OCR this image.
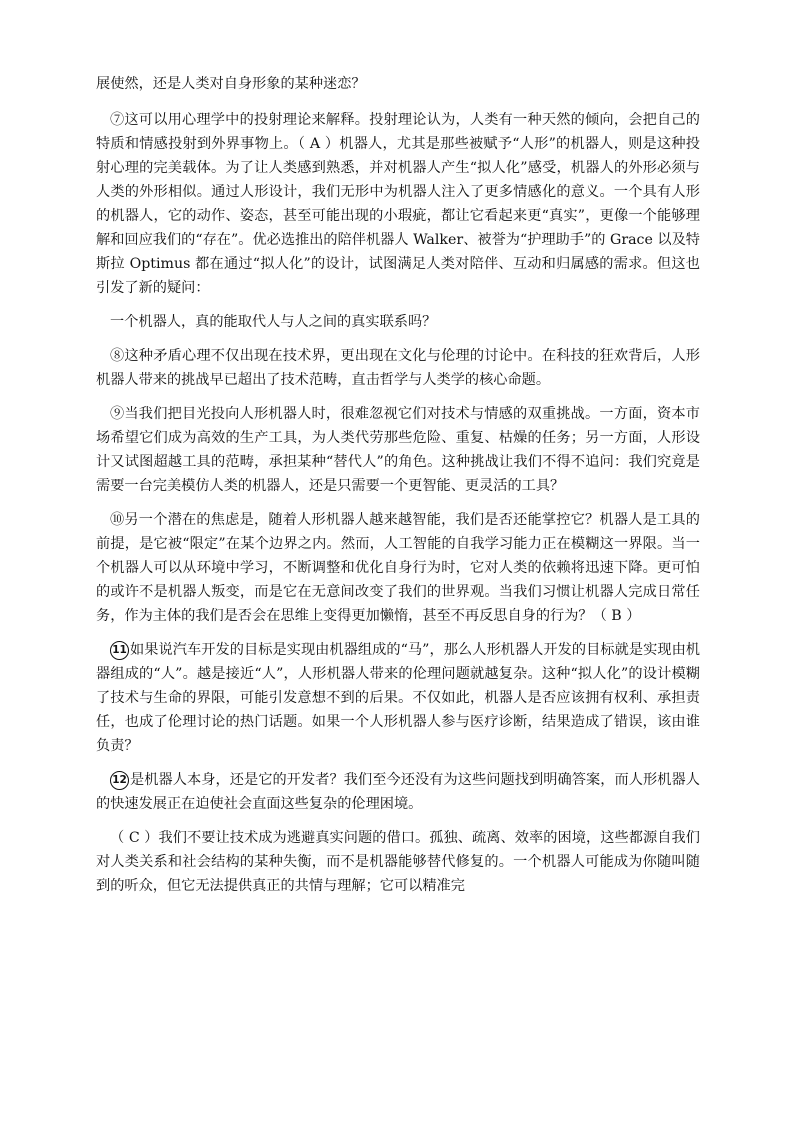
展使然，还是人类对自身形象的某种迷恋？

⑦这可以用心理学中的投射理论来解释。投射理论认为，人类有一种天然的倾向，会把自己的特质和情感投射到外界事物上。（ A ）机器人，尤其是那些被赋予“人形”的机器人，则是这种投射心理的完美载体。为了让人类感到熟悉，并对机器人产生“拟人化”感受，机器人的外形必须与人类的外形相似。通过人形设计，我们无形中为机器人注入了更多情感化的意义。一个具有人形的机器人，它的动作、姿态，甚至可能出现的小瑕疵，都让它看起来更“真实”，更像一个能够理解和回应我们的“存在”。优必选推出的陪伴机器人 Walker、被誉为“护理助手”的 Grace 以及特斯拉 Optimus 都在通过“拟人化”的设计，试图满足人类对陪伴、互动和归属感的需求。但这也引发了新的疑问：

一个机器人，真的能取代人与人之间的真实联系吗？

⑧这种矛盾心理不仅出现在技术界，更出现在文化与伦理的讨论中。在科技的狂欢背后，人形机器人带来的挑战早已超出了技术范畴，直击哲学与人类学的核心命题。

⑨当我们把目光投向人形机器人时，很难忽视它们对技术与情感的双重挑战。一方面，资本市场希望它们成为高效的生产工具，为人类代劳那些危险、重复、枯燥的任务；另一方面，人形设计又试图超越工具的范畴，承担某种“替代人”的角色。这种挑战让我们不得不追问：我们究竟是需要一台完美模仿人类的机器人，还是只需要一个更智能、更灵活的工具？

⑩另一个潜在的焦虑是，随着人形机器人越来越智能，我们是否还能掌控它？机器人是工具的前提，是它被“限定”在某个边界之内。然而，人工智能的自我学习能力正在模糊这一界限。当一个机器人可以从环境中学习，不断调整和优化自身行为时，它对人类的依赖将迅速下降。更可怕的或许不是机器人叛变，而是它在无意间改变了我们的世界观。当我们习惯让机器人完成日常任务，作为主体的我们是否会在思维上变得更加懒惰，甚至不再反思自身的行为？（ B ）

11 如果说汽车开发的目标是实现由机器组成的“马”，那么人形机器人开发的目标就是实现由机器组成的“人”。越是接近“人”，人形机器人带来的伦理问题就越复杂。这种“拟人化”的设计模糊了技术与生命的界限，可能引发意想不到的后果。不仅如此，机器人是否应该拥有权利、承担责任，也成了伦理讨论的热门话题。如果一个人形机器人参与医疗诊断，结果造成了错误，该由谁负责？

12 是机器人本身，还是它的开发者？我们至今还没有为这些问题找到明确答案，而人形机器人的快速发展正在迫使社会直面这些复杂的伦理困境。

（ C ）我们不要让技术成为逃避真实问题的借口。孤独、疏离、效率的困境，这些都源自我们对人类关系和社会结构的某种失衡，而不是机器能够替代修复的。一个机器人可能成为你随叫随到的听众，但它无法提供真正的共情与理解；它可以精准完
